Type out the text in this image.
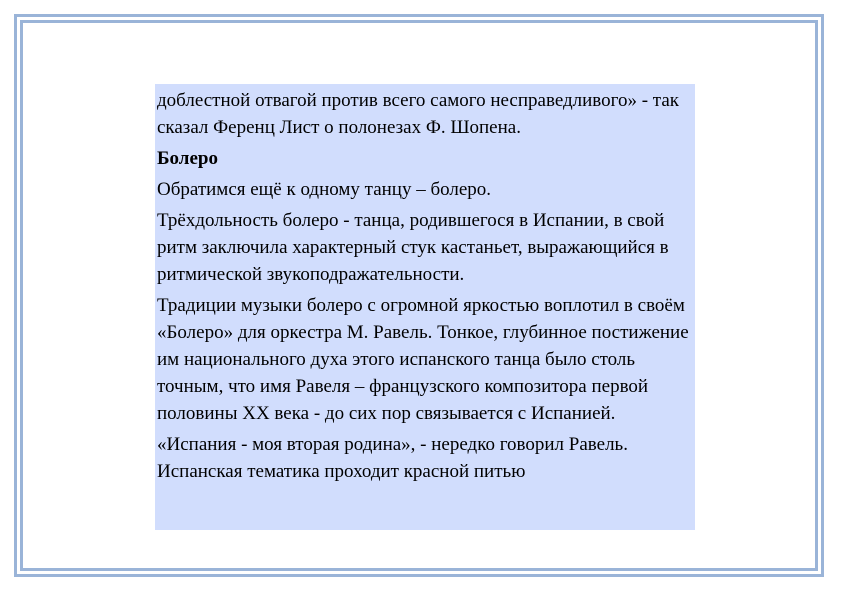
доблестной отвагой против всего самого несправедливого» - так сказал Ференц Лист о полонезах Ф. Шопена.

Болеро

Обратимся ещё к одному танцу – болеро.

Трёхдольность болеро - танца, родившегося в Испании, в свой ритм заключила характерный стук кастаньет, выражающийся в ритмической звукоподражательности.

Традиции музыки болеро с огромной яркостью воплотил в своём «Болеро» для оркестра М. Равель. Тонкое, глубинное постижение им национального духа этого испанского танца было столь точным, что имя Равеля – французского композитора первой половины XX века - до сих пор связывается с Испанией.

«Испания - моя вторая родина», - нередко говорил Равель. Испанская тематика проходит красной питью
